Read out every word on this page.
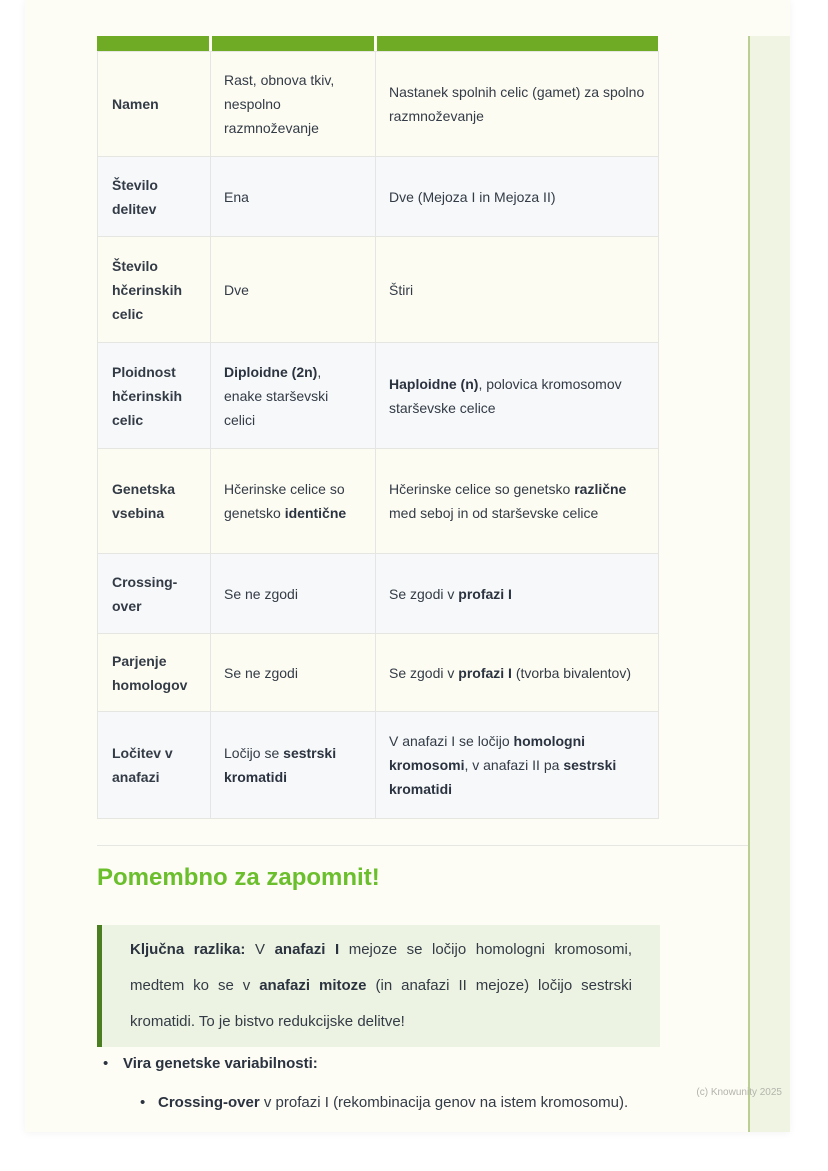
Namen	Rast, obnova tkiv, nespolno razmnoževanje	Nastanek spolnih celic (gamet) za spolno razmnoževanje
Število delitev	Ena	Dve (Mejoza I in Mejoza II)
Število hčerinskih celic	Dve	Štiri
Ploidnost hčerinskih celic	Diploidne (2n), enake starševski celici	Haploidne (n), polovica kromosomov starševske celice
Genetska vsebina	Hčerinske celice so genetsko identične	Hčerinske celice so genetsko različne med seboj in od starševske celice
Crossing-over	Se ne zgodi	Se zgodi v profazi I
Parjenje homologov	Se ne zgodi	Se zgodi v profazi I (tvorba bivalentov)
Ločitev v anafazi	Ločijo se sestrski kromatidi	V anafazi I se ločijo homologni kromosomi, v anafazi II pa sestrski kromatidi
Pomembno za zapomnit!

Ključna razlika: V anafazi I mejoze se ločijo homologni kromosomi, medtem ko se v anafazi mitoze (in anafazi II mejoze) ločijo sestrski kromatidi. To je bistvo redukcijske delitve!

• Vira genetske variabilnosti:
• Crossing-over v profazi I (rekombinacija genov na istem kromosomu).
(c) Knowunity 2025
